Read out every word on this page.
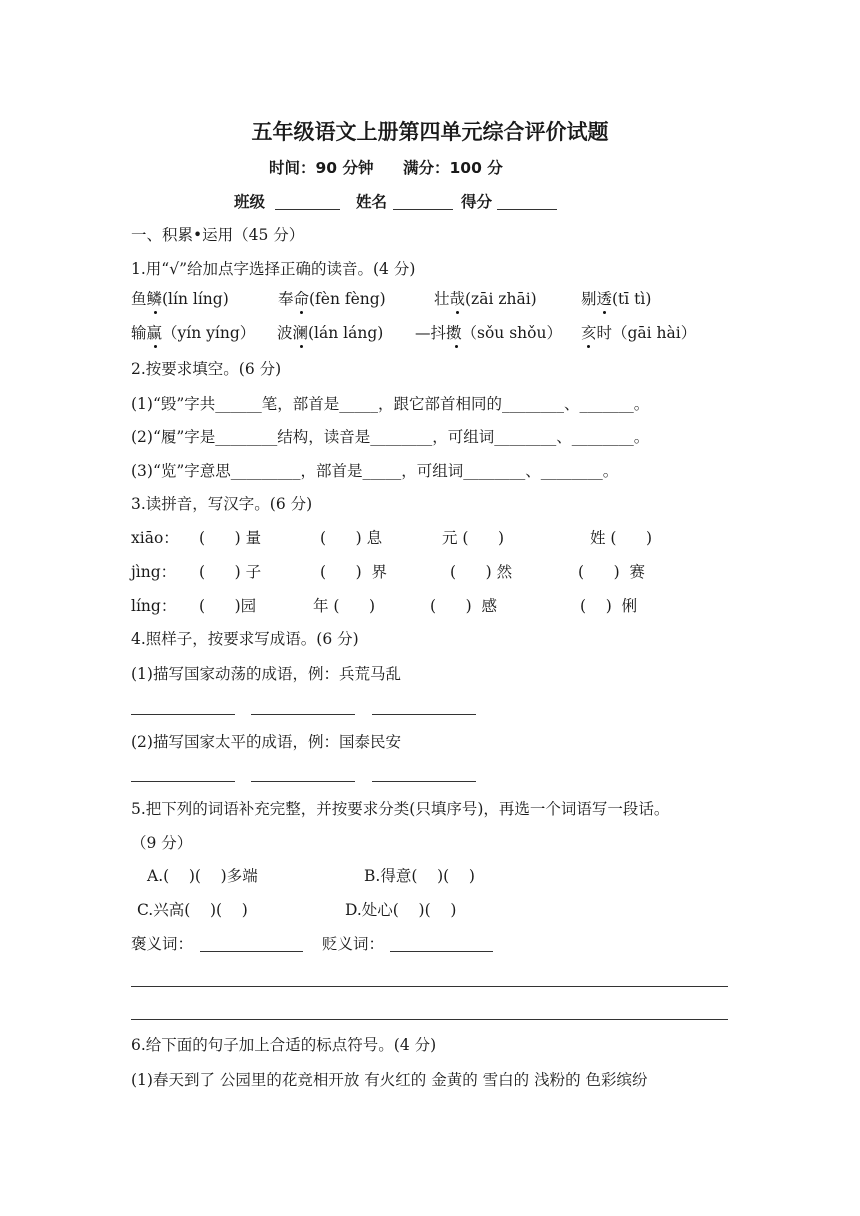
五年级语文上册第四单元综合评价试题
时间：90 分钟 满分：100 分
班级	姓名	得分
一、积累•运用（45 分）
1.用“√”给加点字选择正确的读音。(4 分)
鱼鳞(lín líng)	奉命(fèn fèng)	壮哉(zāi zhāi)	剔透(tī tì)
输赢（yín yíng） 波澜(lán láng) —抖擞（sǒu shǒu） 亥时（gāi hài）
2.按要求填空。(6 分)
(1)“毁”字共______笔，部首是_____，跟它部首相同的________、_______。
(2)“履”字是________结构，读音是________，可组词________、________。
(3)“览”字意思_________，部首是_____，可组词________、________。
3.读拼音，写汉字。(6 分)
xiāo： (      ) 量	(      ) 息	元 (      )	姓 (      )
jìng： (      ) 子	(      )  界	(      ) 然	(      )  赛
líng： (      )园	年 (      )	(      )  感	(    )  俐
4.照样子，按要求写成语。(6 分)
(1)描写国家动荡的成语，例：兵荒马乱
(2)描写国家太平的成语，例：国泰民安
5.把下列的词语补充完整，并按要求分类(只填序号)，再选一个词语写一段话。
（9 分）
A.(    )(    )多端	B.得意(    )(    )
C.兴高(    )(    )	D.处心(    )(    )
褒义词：	贬义词：
6.给下面的句子加上合适的标点符号。(4 分)
(1)春天到了 公园里的花竞相开放 有火红的 金黄的 雪白的 浅粉的 色彩缤纷
